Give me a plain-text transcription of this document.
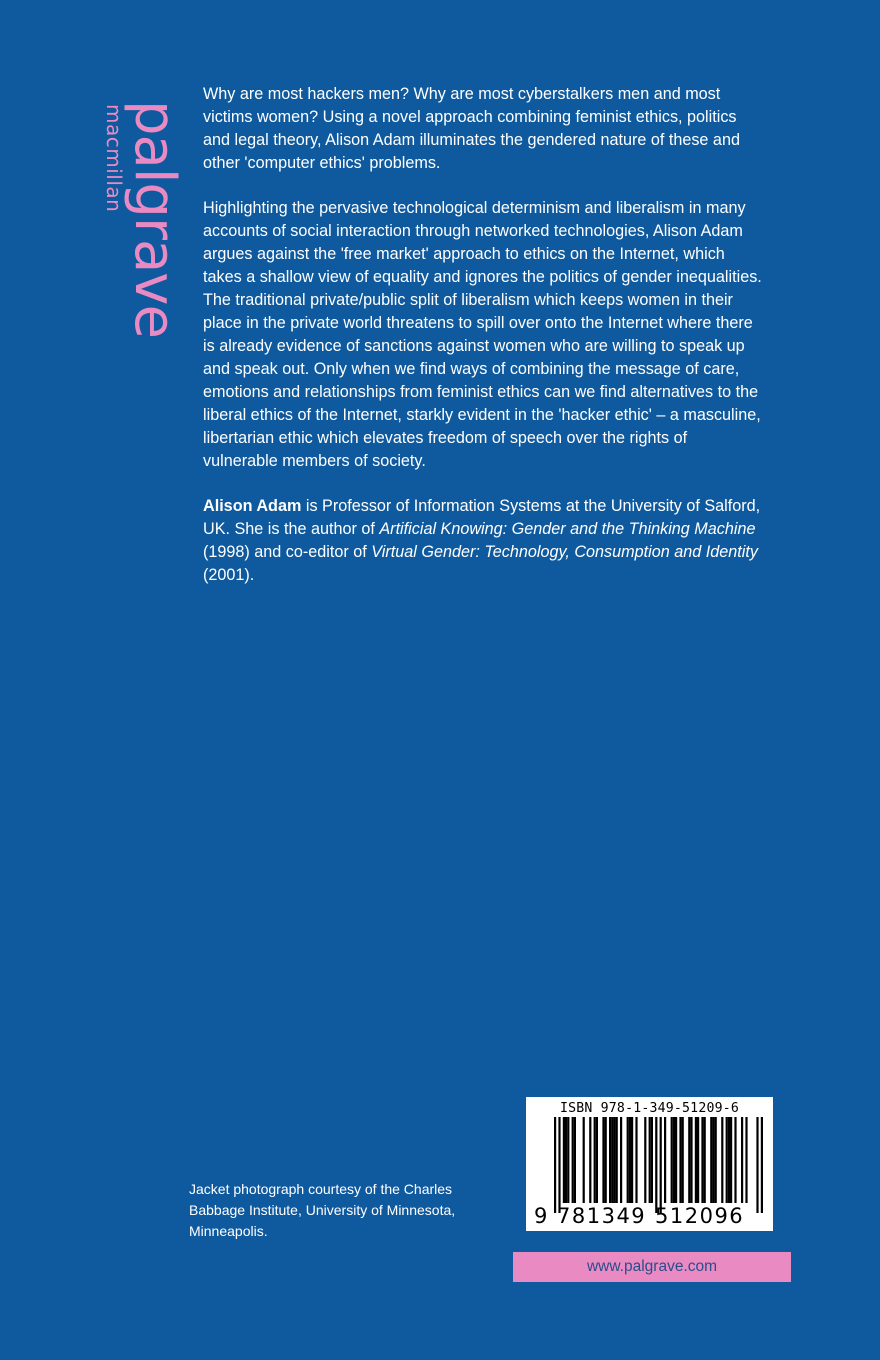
palgrave
macmillan

Why are most hackers men? Why are most cyberstalkers men and most victims women? Using a novel approach combining feminist ethics, politics and legal theory, Alison Adam illuminates the gendered nature of these and other 'computer ethics' problems.

Highlighting the pervasive technological determinism and liberalism in many accounts of social interaction through networked technologies, Alison Adam argues against the 'free market' approach to ethics on the Internet, which takes a shallow view of equality and ignores the politics of gender inequalities. The traditional private/public split of liberalism which keeps women in their place in the private world threatens to spill over onto the Internet where there is already evidence of sanctions against women who are willing to speak up and speak out. Only when we find ways of combining the message of care, emotions and relationships from feminist ethics can we find alternatives to the liberal ethics of the Internet, starkly evident in the 'hacker ethic' – a masculine, libertarian ethic which elevates freedom of speech over the rights of vulnerable members of society.

Alison Adam is Professor of Information Systems at the University of Salford, UK. She is the author of Artificial Knowing: Gender and the Thinking Machine (1998) and co-editor of Virtual Gender: Technology, Consumption and Identity (2001).

Jacket photograph courtesy of the Charles Babbage Institute, University of Minnesota, Minneapolis.
ISBN 978-1-349-51209-6
9 781349 512096
www.palgrave.com
